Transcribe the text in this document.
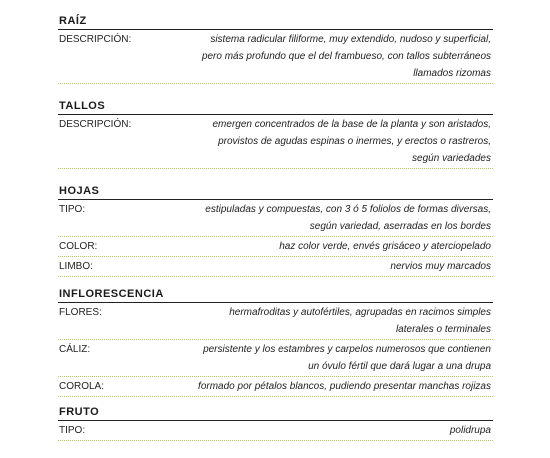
RAÍZ
DESCRIPCIÓN:	sistema radicular filiforme, muy extendido, nudoso y superficial,
pero más profundo que el del frambueso, con tallos subterráneos
llamados rizomas
TALLOS
DESCRIPCIÓN:	emergen concentrados de la base de la planta y son aristados,
provistos de agudas espinas o inermes, y erectos o rastreros,
según variedades
HOJAS
TIPO:	estipuladas y compuestas, con 3 ó 5 foliolos de formas diversas,
según variedad, aserradas en los bordes
COLOR:	haz color verde, envés grisáceo y aterciopelado
LIMBO:	nervios muy marcados
INFLORESCENCIA
FLORES:	hermafroditas y autofértiles, agrupadas en racimos simples
laterales o terminales
CÁLIZ:	persistente y los estambres y carpelos numerosos que contienen
un óvulo fértil que dará lugar a una drupa
COROLA:	formado por pétalos blancos, pudiendo presentar manchas rojizas
FRUTO
TIPO:	polidrupa
